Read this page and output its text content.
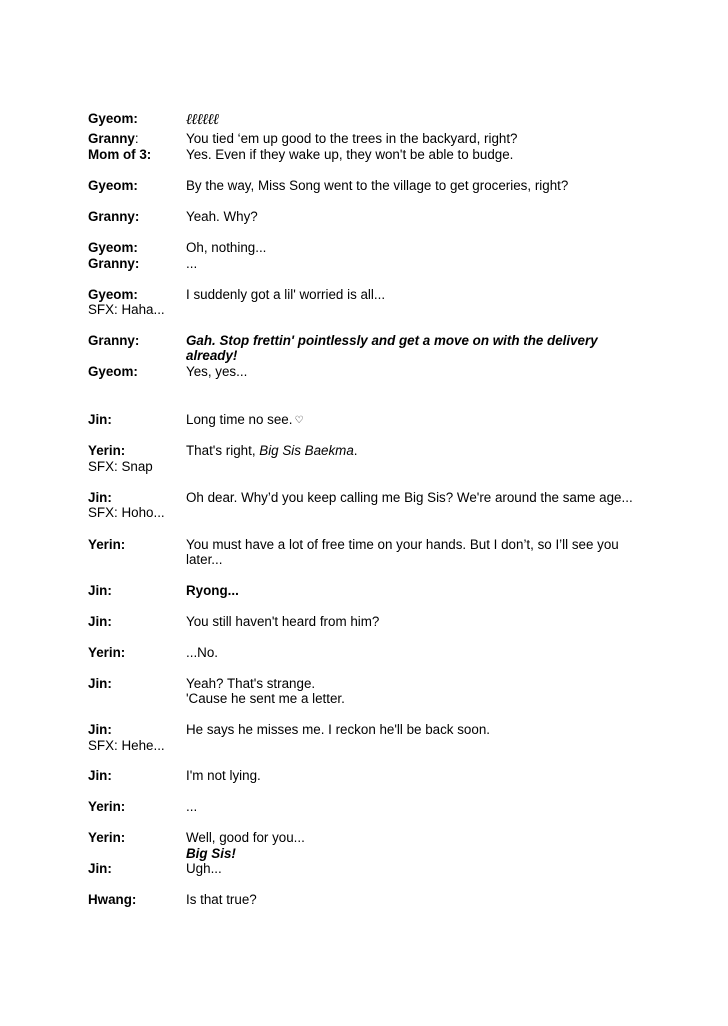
Gyeom:	ℓℓℓℓℓℓ
Granny:	You tied ‘em up good to the trees in the backyard, right?
Mom of 3:	Yes. Even if they wake up, they won't be able to budge.
Gyeom:	By the way, Miss Song went to the village to get groceries, right?
Granny:	Yeah. Why?
Gyeom:	Oh, nothing...
Granny:	...
Gyeom:	I suddenly got a lil' worried is all...
SFX: Haha...
Granny:	Gah. Stop frettin' pointlessly and get a move on with the delivery
already!
Gyeom:	Yes, yes...
Jin:	Long time no see. ♡
Yerin:	That's right, Big Sis Baekma.
SFX: Snap
Jin:	Oh dear. Why’d you keep calling me Big Sis? We're around the same age...
SFX: Hoho...
Yerin:	You must have a lot of free time on your hands. But I don’t, so I’ll see you
later...
Jin:	Ryong...
Jin:	You still haven't heard from him?
Yerin:	...No.
Jin:	Yeah? That's strange.
'Cause he sent me a letter.
Jin:	He says he misses me. I reckon he'll be back soon.
SFX: Hehe...
Jin:	I'm not lying.
Yerin:	...
Yerin:	Well, good for you...
Big Sis!
Jin:	Ugh...
Hwang:	Is that true?
